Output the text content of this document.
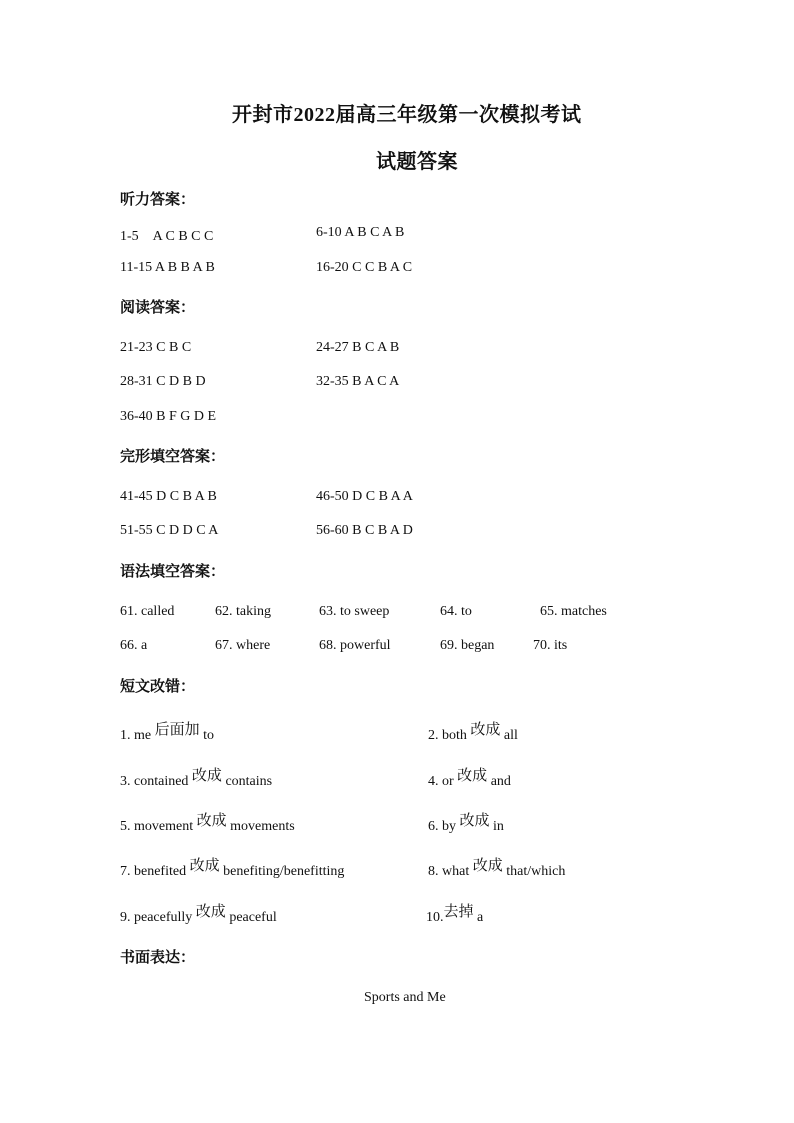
开封市2022届高三年级第一次模拟考试
试题答案
听力答案：
1-5　A C B C C	6-10 A B C A B
11-15 A B B A B	16-20 C C B A C
阅读答案：
21-23 C B C	24-27 B C A B
28-31 C D B D	32-35 B A C A
36-40 B F G D E
完形填空答案：
41-45 D C B A B	46-50 D C B A A
51-55 C D D C A	56-60 B C B A D
语法填空答案：
61. called	62. taking	63. to sweep	64. to	65. matches
66. a	67. where	68. powerful	69. began	70. its
短文改错：
1. me 后面加 to	2. both 改成 all
3. contained 改成 contains	4. or 改成 and
5. movement 改成 movements	6. by 改成 in
7. benefited 改成 benefiting/benefitting	8. what 改成 that/which
9. peacefully 改成 peaceful	10.去掉 a
书面表达：
Sports and Me
